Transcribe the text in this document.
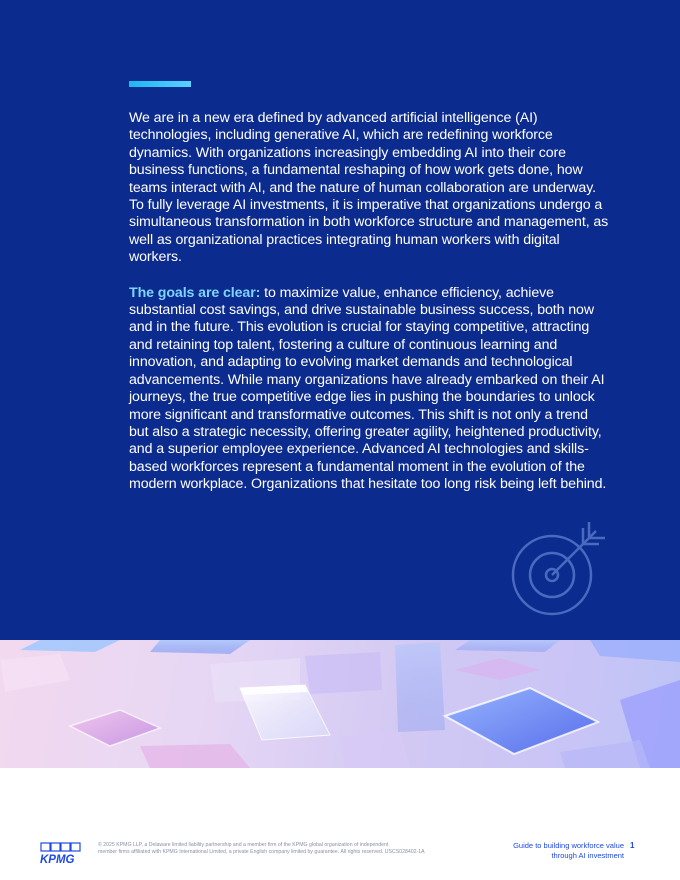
We are in a new era defined by advanced artificial intelligence (AI) technologies, including generative AI, which are redefining workforce dynamics. With organizations increasingly embedding AI into their core business functions, a fundamental reshaping of how work gets done, how teams interact with AI, and the nature of human collaboration are underway. To fully leverage AI investments, it is imperative that organizations undergo a simultaneous transformation in both workforce structure and management, as well as organizational practices integrating human workers with digital workers.

The goals are clear: to maximize value, enhance efficiency, achieve substantial cost savings, and drive sustainable business success, both now and in the future. This evolution is crucial for staying competitive, attracting and retaining top talent, fostering a culture of continuous learning and innovation, and adapting to evolving market demands and technological advancements. While many organizations have already embarked on their AI journeys, the true competitive edge lies in pushing the boundaries to unlock more significant and transformative outcomes. This shift is not only a trend but also a strategic necessity, offering greater agility, heightened productivity, and a superior employee experience. Advanced AI technologies and skills-based workforces represent a fundamental moment in the evolution of the modern workplace. Organizations that hesitate too long risk being left behind.

KPMG
© 2025 KPMG LLP, a Delaware limited liability partnership and a member firm of the KPMG global organization of independent
member firms affiliated with KPMG International Limited, a private English company limited by guarantee. All rights reserved. USCS028402-1A
Guide to building workforce value
through AI investment
1
